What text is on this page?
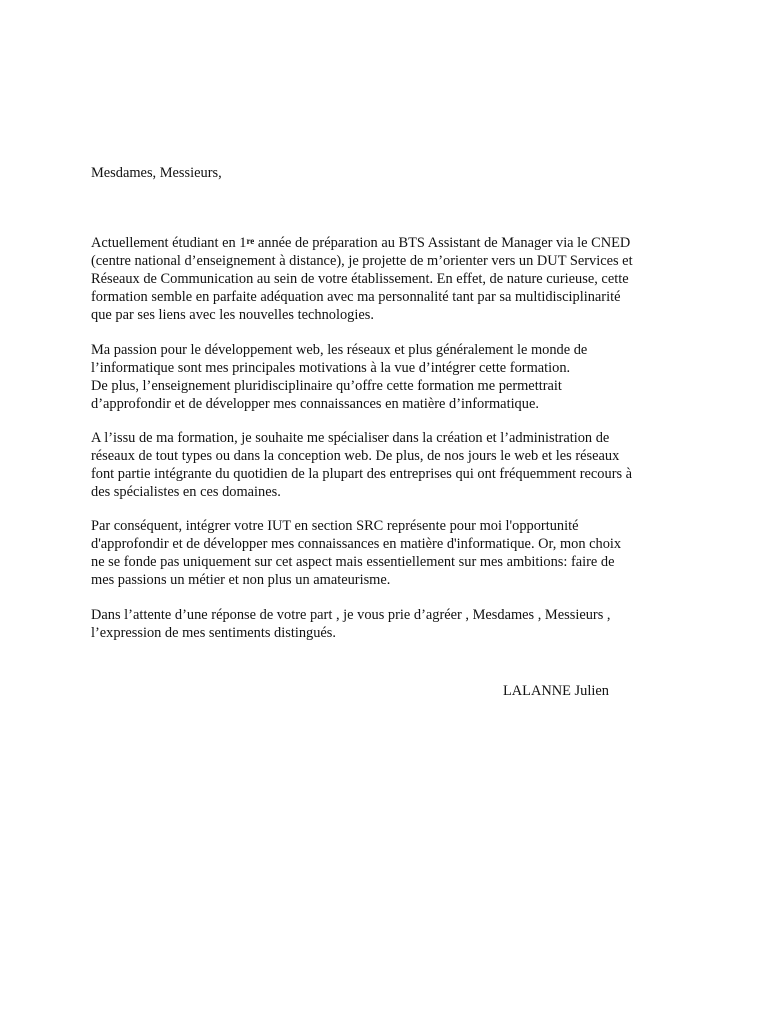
Mesdames, Messieurs,
Actuellement étudiant en 1re année de préparation au BTS Assistant de Manager via le CNED
(centre national d’enseignement à distance), je projette de m’orienter vers un DUT Services et
Réseaux de Communication au sein de votre établissement. En effet, de nature curieuse, cette
formation semble en parfaite adéquation avec ma personnalité tant par sa multidisciplinarité
que par ses liens avec les nouvelles technologies.
Ma passion pour le développement web, les réseaux et plus généralement le monde de
l’informatique sont mes principales motivations à la vue d’intégrer cette formation.
De plus, l’enseignement pluridisciplinaire qu’offre cette formation me permettrait
d’approfondir et de développer mes connaissances en matière d’informatique.
A l’issu de ma formation, je souhaite me spécialiser dans la création et l’administration de
réseaux de tout types ou dans la conception web. De plus, de nos jours le web et les réseaux
font partie intégrante du quotidien de la plupart des entreprises qui ont fréquemment recours à
des spécialistes en ces domaines.
Par conséquent, intégrer votre IUT en section SRC représente pour moi l'opportunité
d'approfondir et de développer mes connaissances en matière d'informatique. Or, mon choix
ne se fonde pas uniquement sur cet aspect mais essentiellement sur mes ambitions: faire de
mes passions un métier et non plus un amateurisme.
Dans l’attente d’une réponse de votre part , je vous prie d’agréer , Mesdames , Messieurs ,
l’expression de mes sentiments distingués.
LALANNE Julien
